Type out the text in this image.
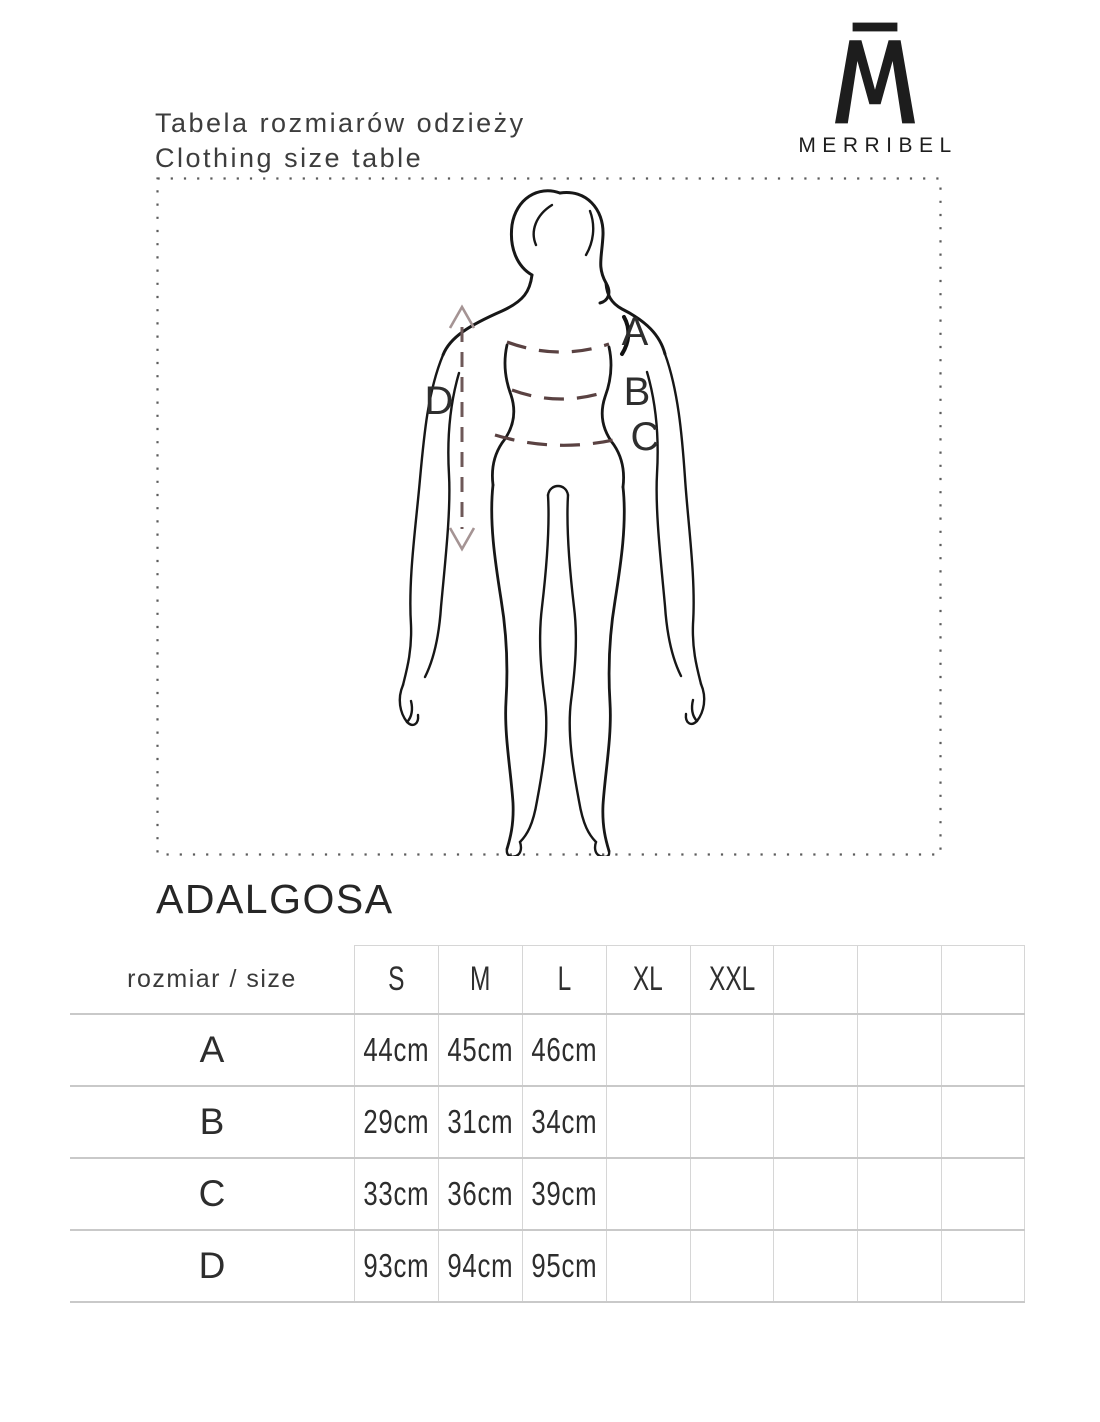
Tabela rozmiarów odzieży
Clothing size table	MERRIBEL
A
B
C
D
ADALGOSA
rozmiar / size	S M L XL XXL
A	44cm 45cm 46cm
B	29cm 31cm 34cm
C	33cm 36cm 39cm
D	93cm 94cm 95cm
